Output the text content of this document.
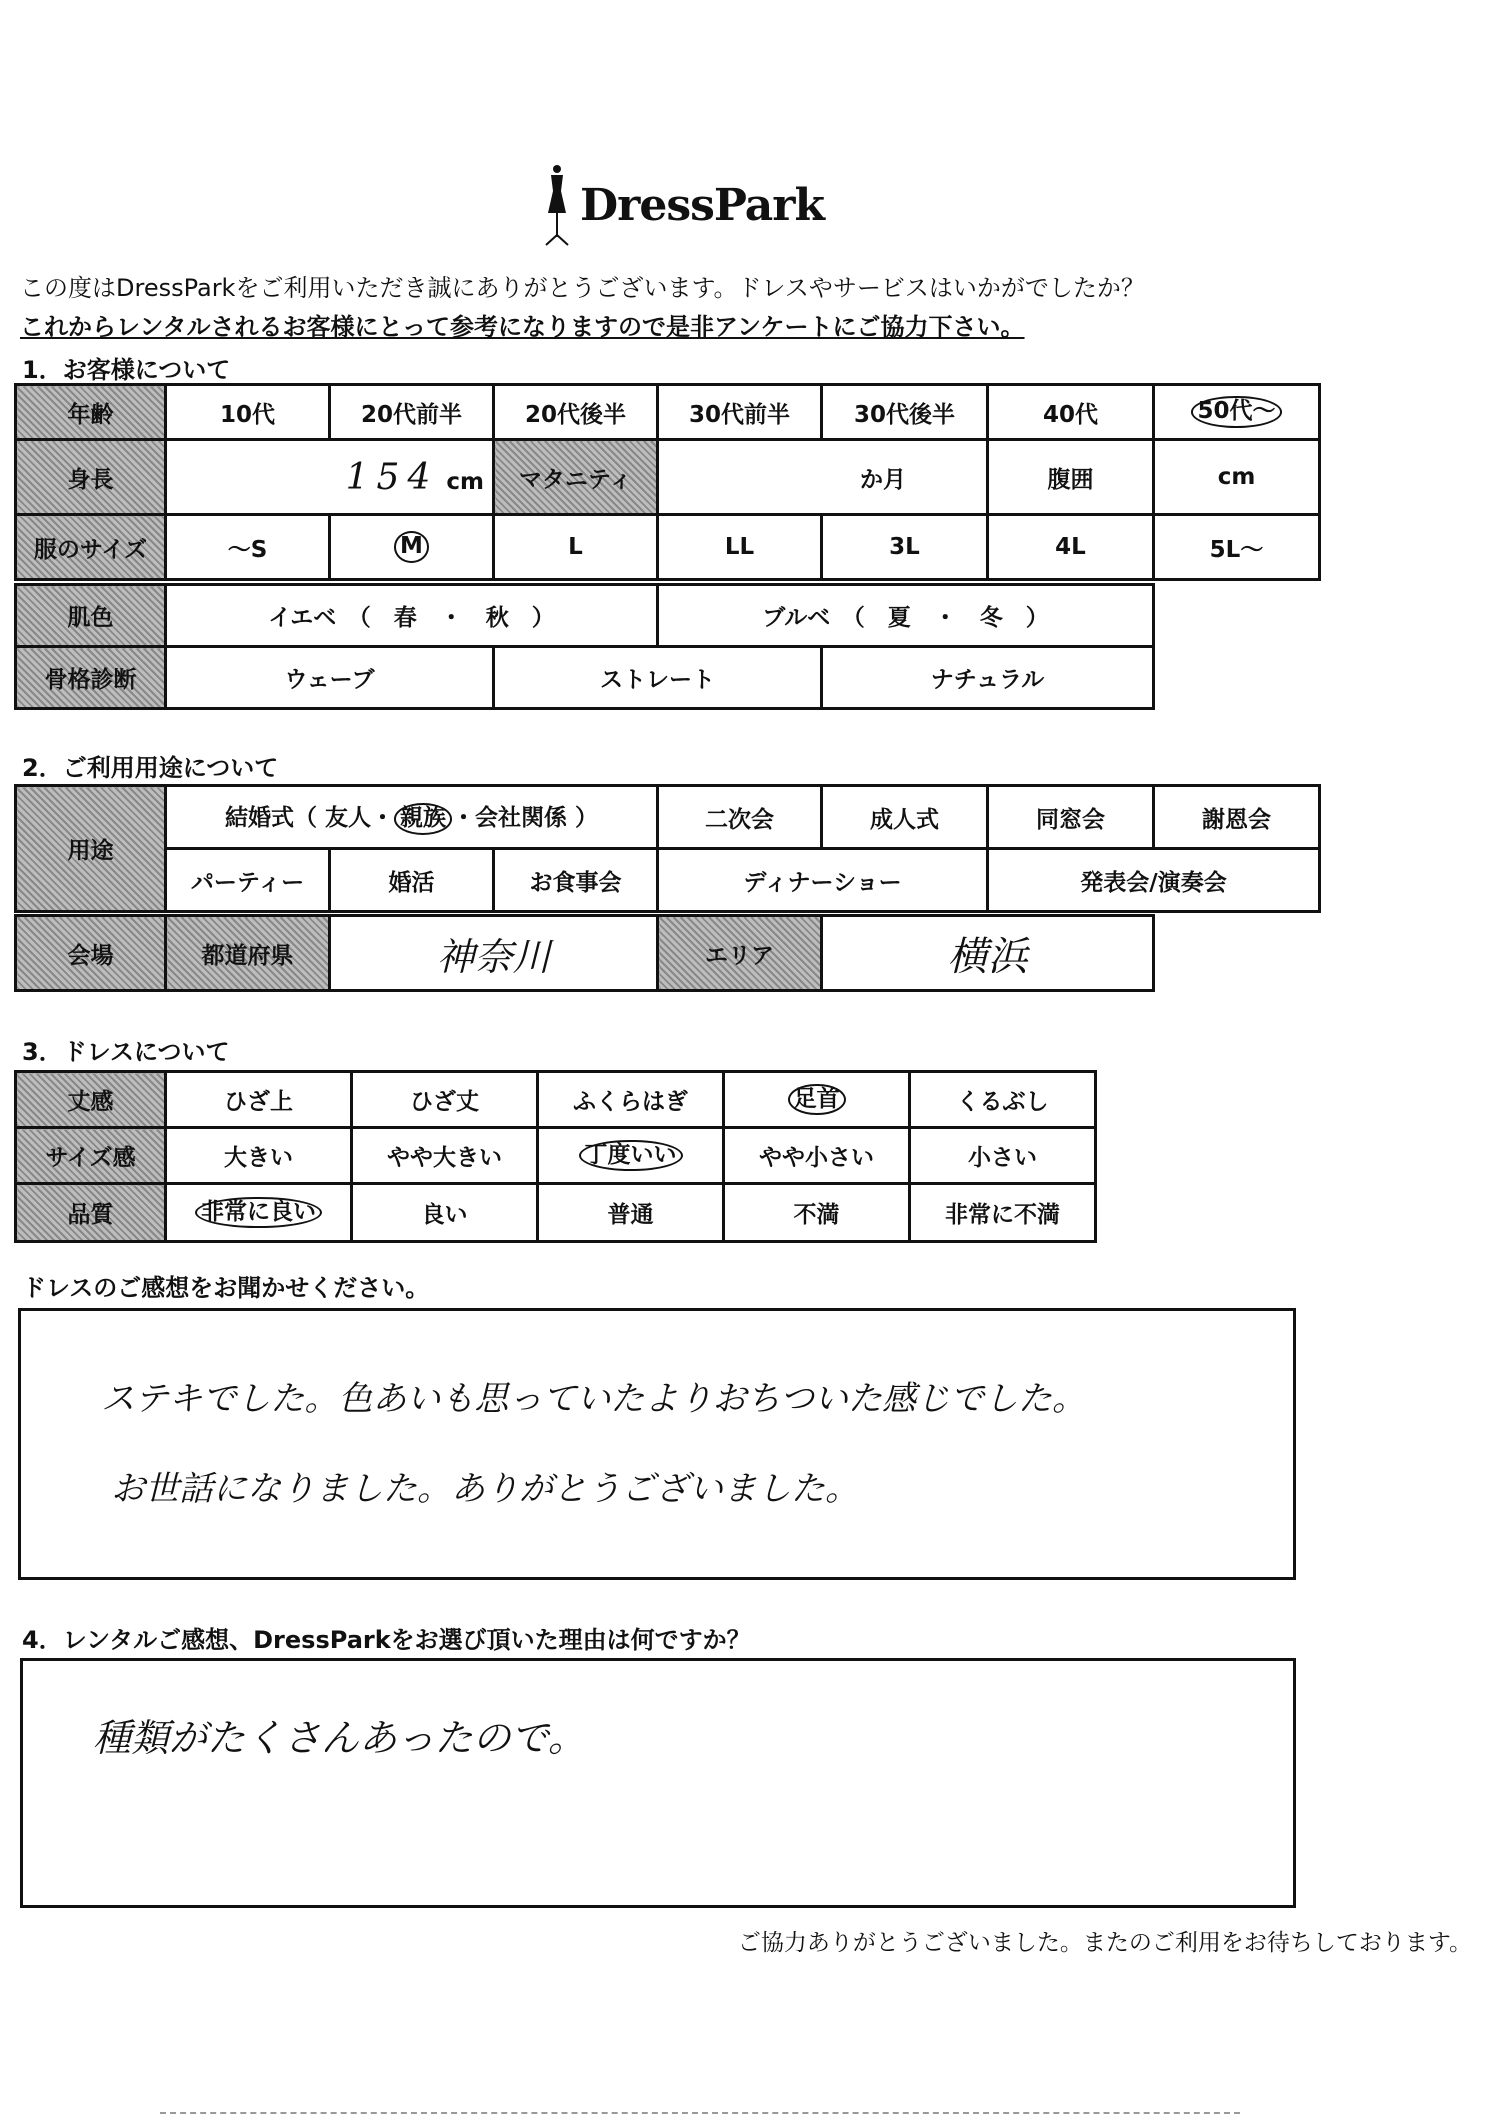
DressPark
この度はDressParkをご利用いただき誠にありがとうございます。ドレスやサービスはいかがでしたか？
これからレンタルされるお客様にとって参考になりますので是非アンケートにご協力下さい。
1．お客様について
年齢	10代	20代前半	20代後半	30代前半	30代後半	40代	50代～
身長	154 cm		マタニティ	か月		腹囲	cm
服のサイズ	～S	M	L	LL	3L	4L	5L～
肌色	イエベ　（　春　・　秋　）		ブルベ　（　夏　・　冬　）	
骨格診断	ウェーブ	ストレート		ナチュラル
2．ご利用用途について
用途	結婚式（ 友人・ 親族 ・会社関係 ）			二次会	成人式	同窓会	謝恩会
	パーティー	婚活	お食事会	ディナーショー		発表会/演奏会	
会場	都道府県	神奈川	エリア	横浜
3．ドレスについて
丈感	ひざ上	ひざ丈	ふくらはぎ	足首	くるぶし
サイズ感	大きい	やや大きい	丁度いい	やや小さい	小さい
品質	非常に良い	良い	普通	不満	非常に不満
ドレスのご感想をお聞かせください。
ステキでした。色あいも思っていたよりおちついた感じでした。
お世話になりました。ありがとうございました。
4．レンタルご感想、DressParkをお選び頂いた理由は何ですか？
種類がたくさんあったので。
ご協力ありがとうございました。またのご利用をお待ちしております。
